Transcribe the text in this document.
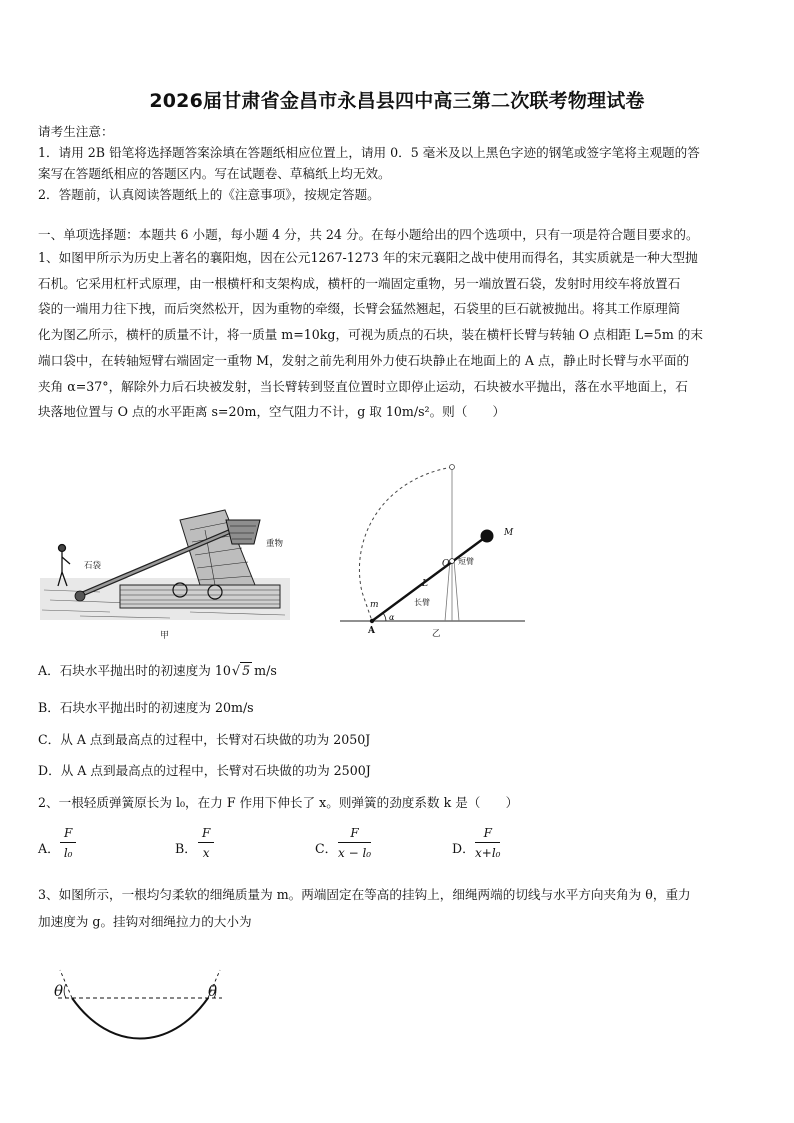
2026届甘肃省金昌市永昌县四中高三第二次联考物理试卷
请考生注意：
1．请用 2B 铅笔将选择题答案涂填在答题纸相应位置上，请用 0．5 毫米及以上黑色字迹的钢笔或签字笔将主观题的答
案写在答题纸相应的答题区内。写在试题卷、草稿纸上均无效。
2．答题前，认真阅读答题纸上的《注意事项》，按规定答题。
一、单项选择题：本题共 6 小题，每小题 4 分，共 24 分。在每小题给出的四个选项中，只有一项是符合题目要求的。
1、如图甲所示为历史上著名的襄阳炮，因在公元1267-1273 年的宋元襄阳之战中使用而得名，其实质就是一种大型抛
石机。它采用杠杆式原理，由一根横杆和支架构成，横杆的一端固定重物，另一端放置石袋，发射时用绞车将放置石
袋的一端用力往下拽，而后突然松开，因为重物的牵缀，长臂会猛然翘起，石袋里的巨石就被抛出。将其工作原理简
化为图乙所示，横杆的质量不计，将一质量 m=10kg，可视为质点的石块，装在横杆长臂与转轴 O 点相距 L=5m 的末
端口袋中，在转轴短臂右端固定一重物 M，发射之前先利用外力使石块静止在地面上的 A 点，静止时长臂与水平面的
夹角 α=37°，解除外力后石块被发射，当长臂转到竖直位置时立即停止运动，石块被水平抛出，落在水平地面上，石
块落地位置与 O 点的水平距离 s=20m，空气阻力不计，g 取 10m/s²。则（　　）
石袋
重物
甲
M
O 短臂
L
长臂
m
α
A	乙
A．石块水平抛出时的初速度为 10√ 5 m/s
B．石块水平抛出时的初速度为 20m/s
C．从 A 点到最高点的过程中，长臂对石块做的功为 2050J
D．从 A 点到最高点的过程中，长臂对石块做的功为 2500J
2、一根轻质弹簧原长为 l₀，在力 F 作用下伸长了 x。则弹簧的劲度系数 k 是（　　）
A． $\frac{F}{\text{l₀}}$	B． $\frac{F}{x}$	C． $\frac{F}{\text{x − l₀}}$	D． $\frac{F}{\text{x+l₀}}$
3、如图所示，一根均匀柔软的细绳质量为 m。两端固定在等高的挂钩上，细绳两端的切线与水平方向夹角为 θ，重力
加速度为 g。挂钩对细绳拉力的大小为
θ	θ
